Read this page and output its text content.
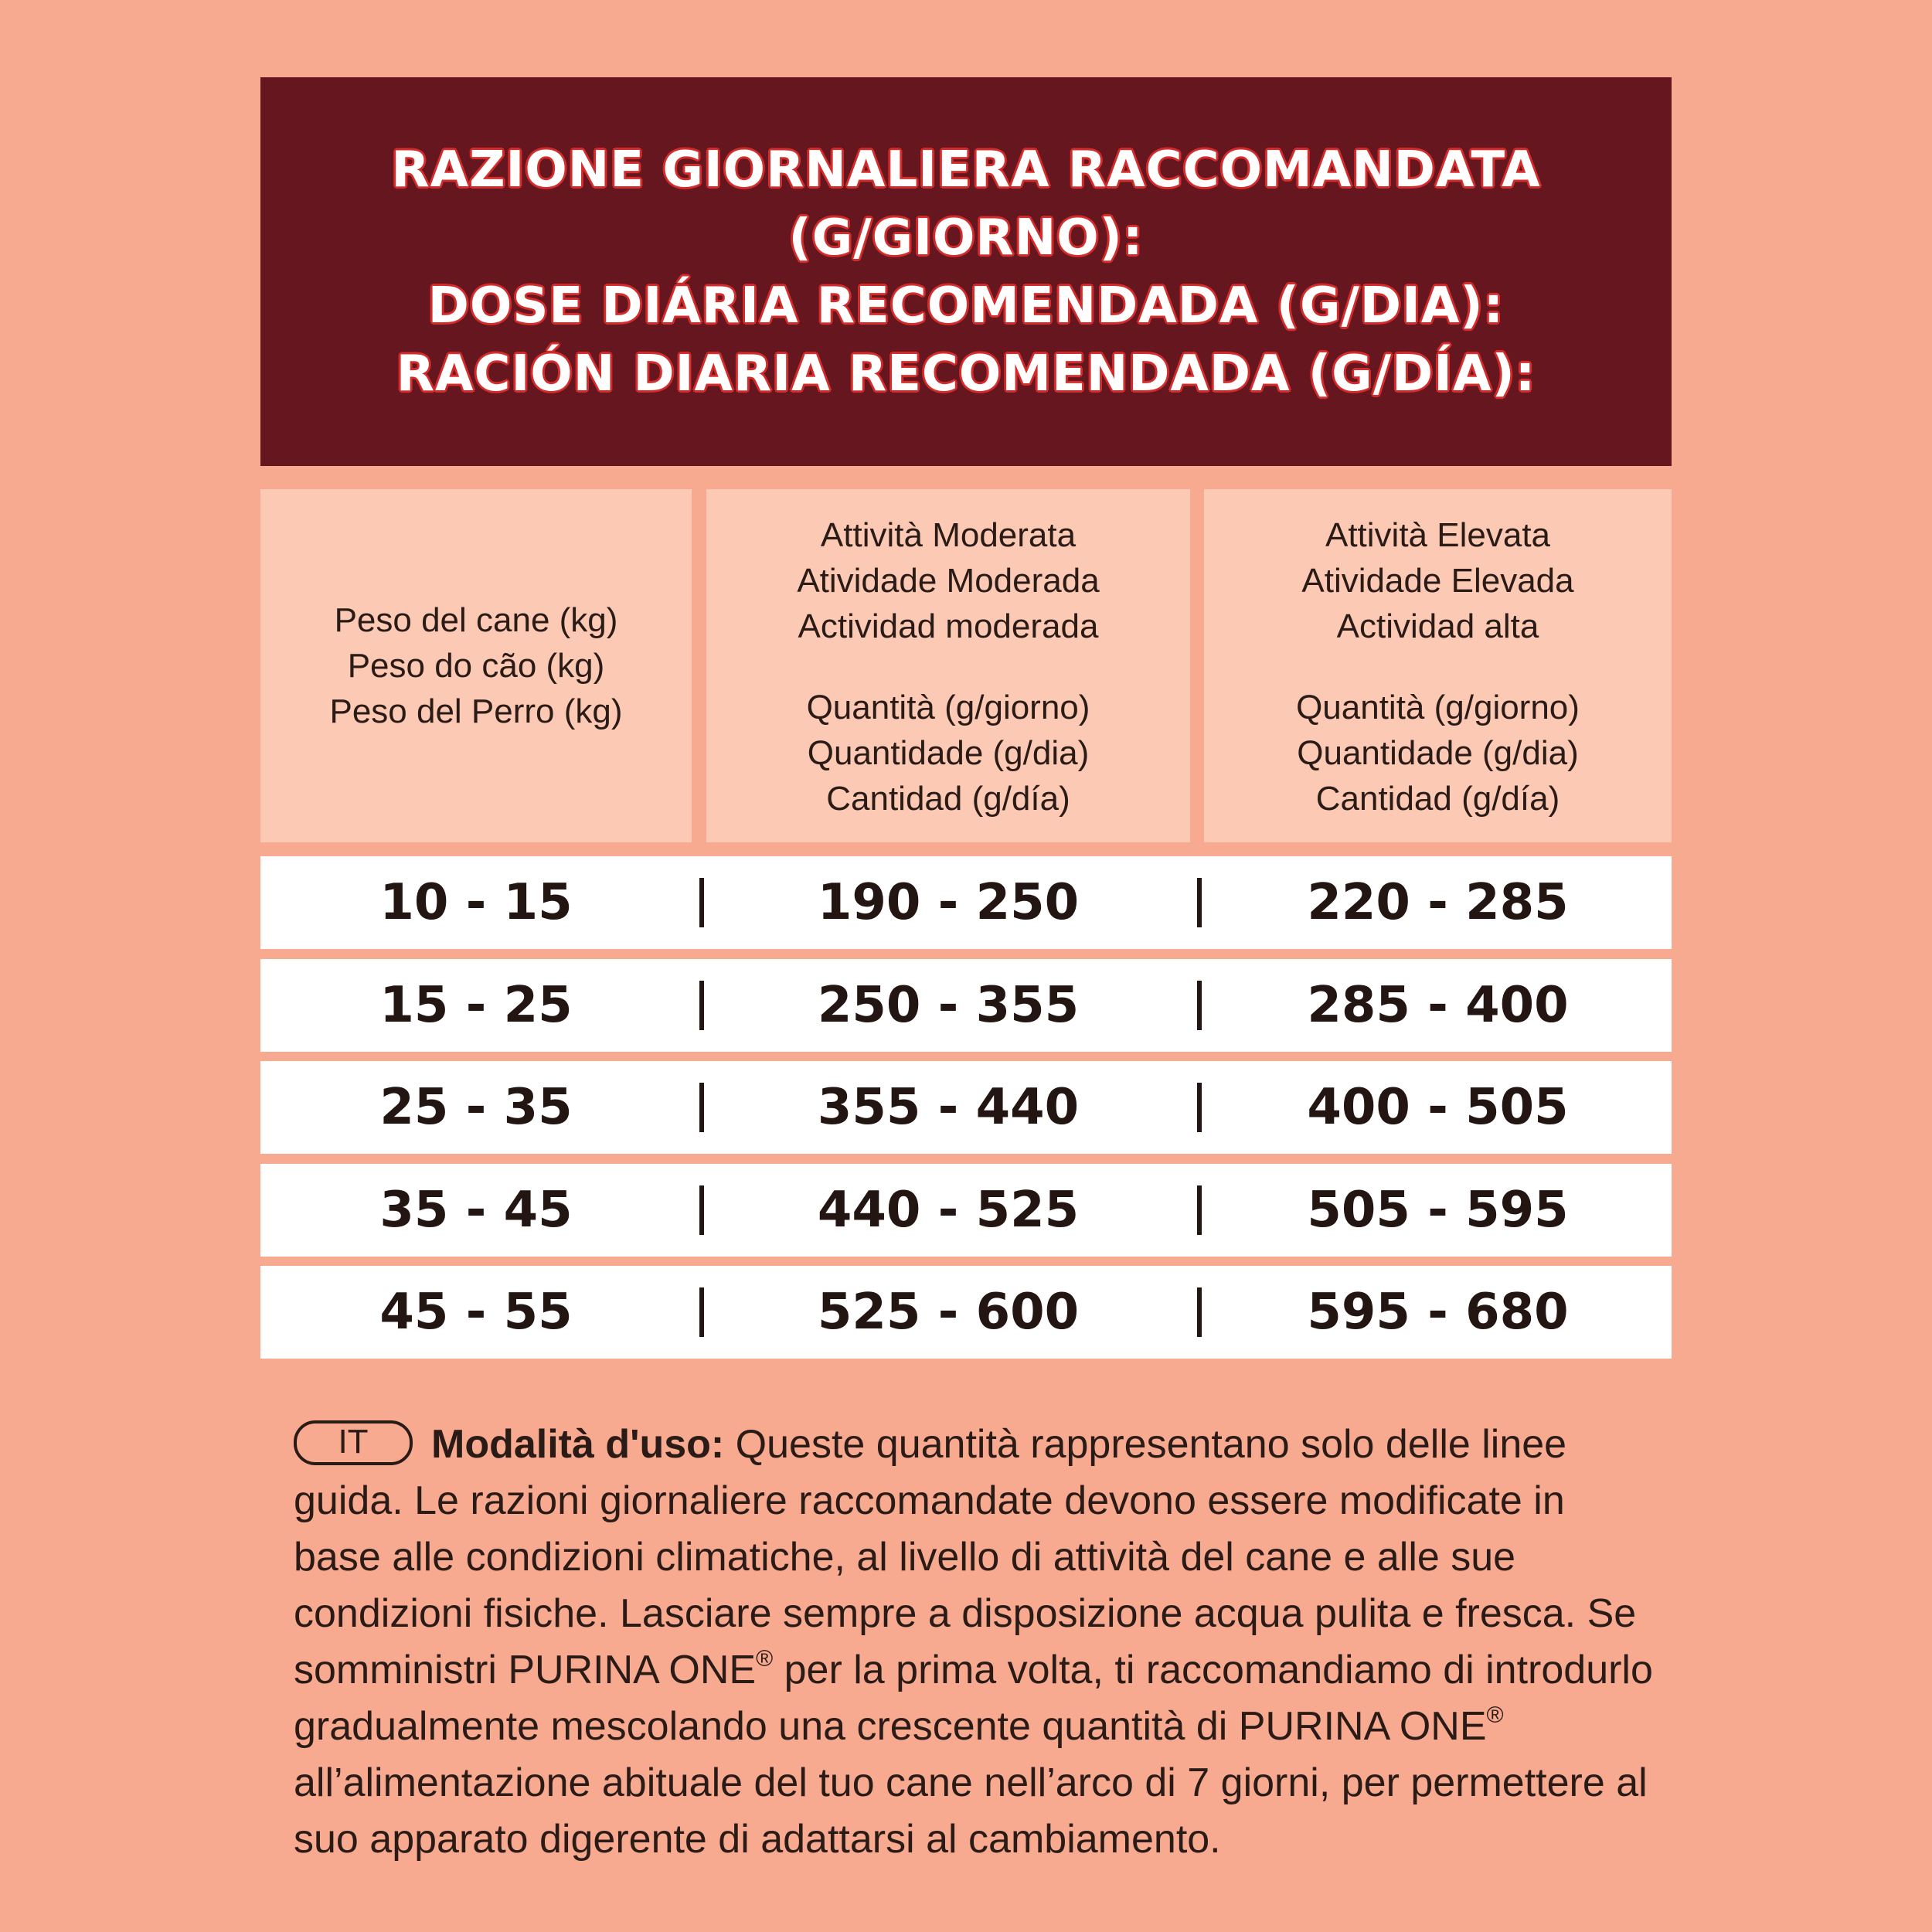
RAZIONE GIORNALIERA RACCOMANDATA
(G/GIORNO):
DOSE DIÁRIA RECOMENDADA (G/DIA):
RACIÓN DIARIA RECOMENDADA (G/DÍA):
Peso del cane (kg)
Peso do cão (kg)
Peso del Perro (kg)
Attività Moderata
Atividade Moderada
Actividad moderada
Quantità (g/giorno)
Quantidade (g/dia)
Cantidad (g/día)
Attività Elevata
Atividade Elevada
Actividad alta
Quantità (g/giorno)
Quantidade (g/dia)
Cantidad (g/día)
10 - 15	190 - 250	220 - 285
15 - 25	250 - 355	285 - 400
25 - 35	355 - 440	400 - 505
35 - 45	440 - 525	505 - 595
45 - 55	525 - 600	595 - 680
IT Modalità d'uso: Queste quantità rappresentano solo delle linee guida. Le razioni giornaliere raccomandate devono essere modificate in base alle condizioni climatiche, al livello di attività del cane e alle sue condizioni fisiche. Lasciare sempre a disposizione acqua pulita e fresca. Se somministri PURINA ONE® per la prima volta, ti raccomandiamo di introdurlo gradualmente mescolando una crescente quantità di PURINA ONE® all’alimentazione abituale del tuo cane nell’arco di 7 giorni, per permettere al suo apparato digerente di adattarsi al cambiamento.
